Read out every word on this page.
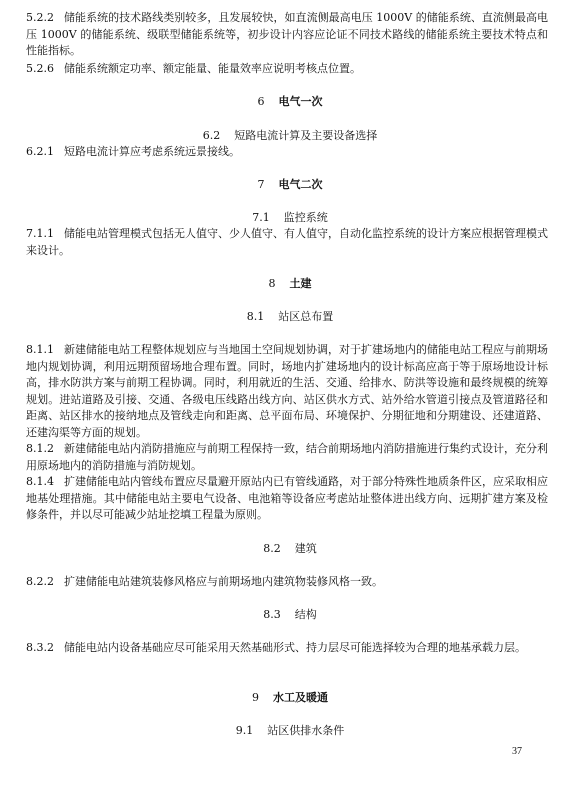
5.2.2 储能系统的技术路线类别较多，且发展较快，如直流侧最高电压 1000V 的储能系统、直流侧最高电压 1000V 的储能系统、级联型储能系统等，初步设计内容应论证不同技术路线的储能系统主要技术特点和性能指标。

5.2.6 储能系统额定功率、额定能量、能量效率应说明考核点位置。

6 电气一次

6.2 短路电流计算及主要设备选择

6.2.1 短路电流计算应考虑系统远景接线。

7 电气二次

7.1 监控系统

7.1.1 储能电站管理模式包括无人值守、少人值守、有人值守，自动化监控系统的设计方案应根据管理模式来设计。

8 土建

8.1 站区总布置

8.1.1 新建储能电站工程整体规划应与当地国土空间规划协调，对于扩建场地内的储能电站工程应与前期场地内规划协调，利用远期预留场地合理布置。同时，场地内扩建场地内的设计标高应高于等于原场地设计标高，排水防洪方案与前期工程协调。同时，利用就近的生活、交通、给排水、防洪等设施和最终规模的统筹规划。进站道路及引接、交通、各级电压线路出线方向、站区供水方式、站外给水管道引接点及管道路径和距离、站区排水的接纳地点及管线走向和距离、总平面布局、环境保护、分期征地和分期建设、还建道路、还建沟渠等方面的规划。

8.1.2 新建储能电站内消防措施应与前期工程保持一致，结合前期场地内消防措施进行集约式设计，充分利用原场地内的消防措施与消防规划。

8.1.4 扩建储能电站内管线布置应尽量避开原站内已有管线通路，对于部分特殊性地质条件区，应采取相应地基处理措施。其中储能电站主要电气设备、电池箱等设备应考虑站址整体进出线方向、远期扩建方案及检修条件，并以尽可能减少站址挖填工程量为原则。

8.2 建筑

8.2.2 扩建储能电站建筑装修风格应与前期场地内建筑物装修风格一致。

8.3 结构

8.3.2 储能电站内设备基础应尽可能采用天然基础形式、持力层尽可能选择较为合理的地基承载力层。

9 水工及暖通

9.1 站区供排水条件

37
